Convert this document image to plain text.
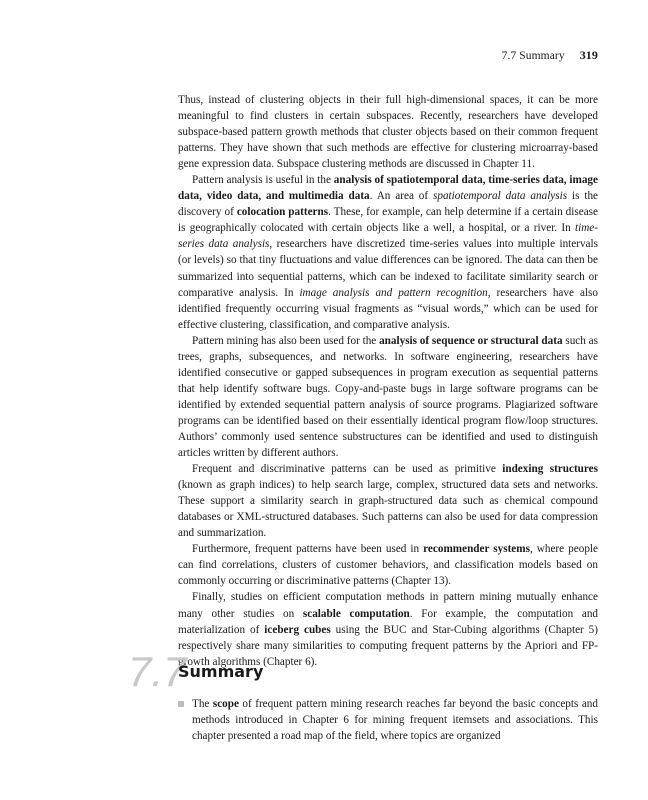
7.7 Summary 319

Thus, instead of clustering objects in their full high-dimensional spaces, it can be more meaningful to find clusters in certain subspaces. Recently, researchers have developed subspace-based pattern growth methods that cluster objects based on their common frequent patterns. They have shown that such methods are effective for clustering microarray-based gene expression data. Subspace clustering methods are discussed in Chapter 11.

Pattern analysis is useful in the analysis of spatiotemporal data, time-series data, image data, video data, and multimedia data. An area of spatiotemporal data analysis is the discovery of colocation patterns. These, for example, can help determine if a certain disease is geographically colocated with certain objects like a well, a hospital, or a river. In time-series data analysis, researchers have discretized time-series values into multiple intervals (or levels) so that tiny fluctuations and value differences can be ignored. The data can then be summarized into sequential patterns, which can be indexed to facilitate similarity search or comparative analysis. In image analysis and pattern recognition, researchers have also identified frequently occurring visual fragments as “visual words,” which can be used for effective clustering, classification, and comparative analysis.

Pattern mining has also been used for the analysis of sequence or structural data such as trees, graphs, subsequences, and networks. In software engineering, researchers have identified consecutive or gapped subsequences in program execution as sequential patterns that help identify software bugs. Copy-and-paste bugs in large software programs can be identified by extended sequential pattern analysis of source programs. Plagiarized software programs can be identified based on their essentially identical program flow/loop structures. Authors’ commonly used sentence substructures can be identified and used to distinguish articles written by different authors.

Frequent and discriminative patterns can be used as primitive indexing structures (known as graph indices) to help search large, complex, structured data sets and networks. These support a similarity search in graph-structured data such as chemical compound databases or XML-structured databases. Such patterns can also be used for data compression and summarization.

Furthermore, frequent patterns have been used in recommender systems, where people can find correlations, clusters of customer behaviors, and classification models based on commonly occurring or discriminative patterns (Chapter 13).

Finally, studies on efficient computation methods in pattern mining mutually enhance many other studies on scalable computation. For example, the computation and materialization of iceberg cubes using the BUC and Star-Cubing algorithms (Chapter 5) respectively share many similarities to computing frequent patterns by the Apriori and FP-growth algorithms (Chapter 6).

7.7
Summary
The scope of frequent pattern mining research reaches far beyond the basic concepts and methods introduced in Chapter 6 for mining frequent itemsets and associations. This chapter presented a road map of the field, where topics are organized
